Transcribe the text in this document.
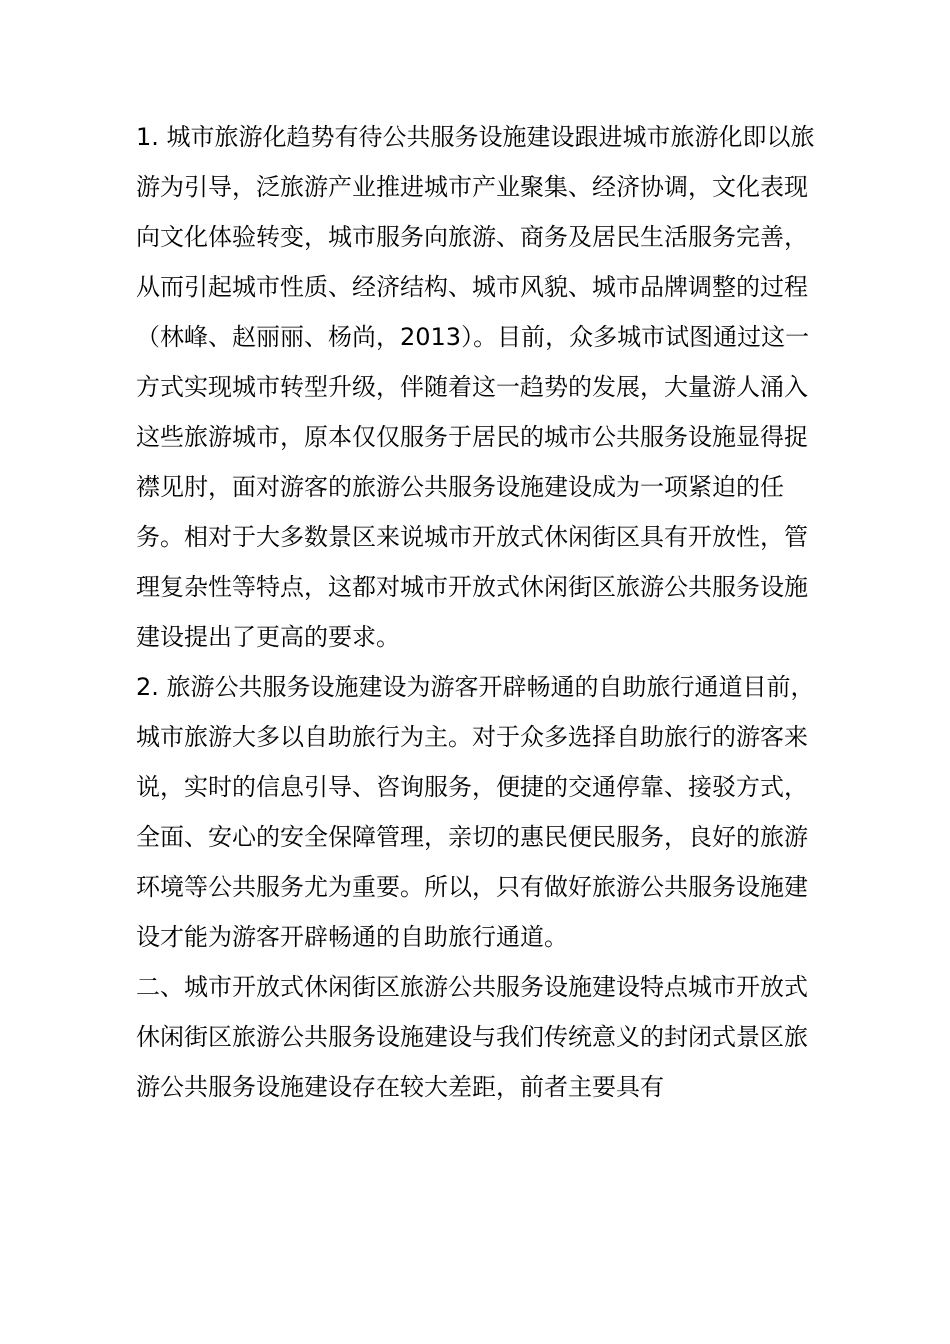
1. 城市旅游化趋势有待公共服务设施建设跟进城市旅游化即以旅游为引导，泛旅游产业推进城市产业聚集、经济协调，文化表现向文化体验转变，城市服务向旅游、商务及居民生活服务完善，从而引起城市性质、经济结构、城市风貌、城市品牌调整的过程（林峰、赵丽丽、杨尚，2013）。目前，众多城市试图通过这一方式实现城市转型升级，伴随着这一趋势的发展，大量游人涌入这些旅游城市，原本仅仅服务于居民的城市公共服务设施显得捉襟见肘，面对游客的旅游公共服务设施建设成为一项紧迫的任务。相对于大多数景区来说城市开放式休闲街区具有开放性，管理复杂性等特点，这都对城市开放式休闲街区旅游公共服务设施建设提出了更高的要求。

2. 旅游公共服务设施建设为游客开辟畅通的自助旅行通道目前，城市旅游大多以自助旅行为主。对于众多选择自助旅行的游客来说，实时的信息引导、咨询服务，便捷的交通停靠、接驳方式，全面、安心的安全保障管理，亲切的惠民便民服务，良好的旅游环境等公共服务尤为重要。所以，只有做好旅游公共服务设施建设才能为游客开辟畅通的自助旅行通道。

二、城市开放式休闲街区旅游公共服务设施建设特点城市开放式休闲街区旅游公共服务设施建设与我们传统意义的封闭式景区旅游公共服务设施建设存在较大差距，前者主要具有
